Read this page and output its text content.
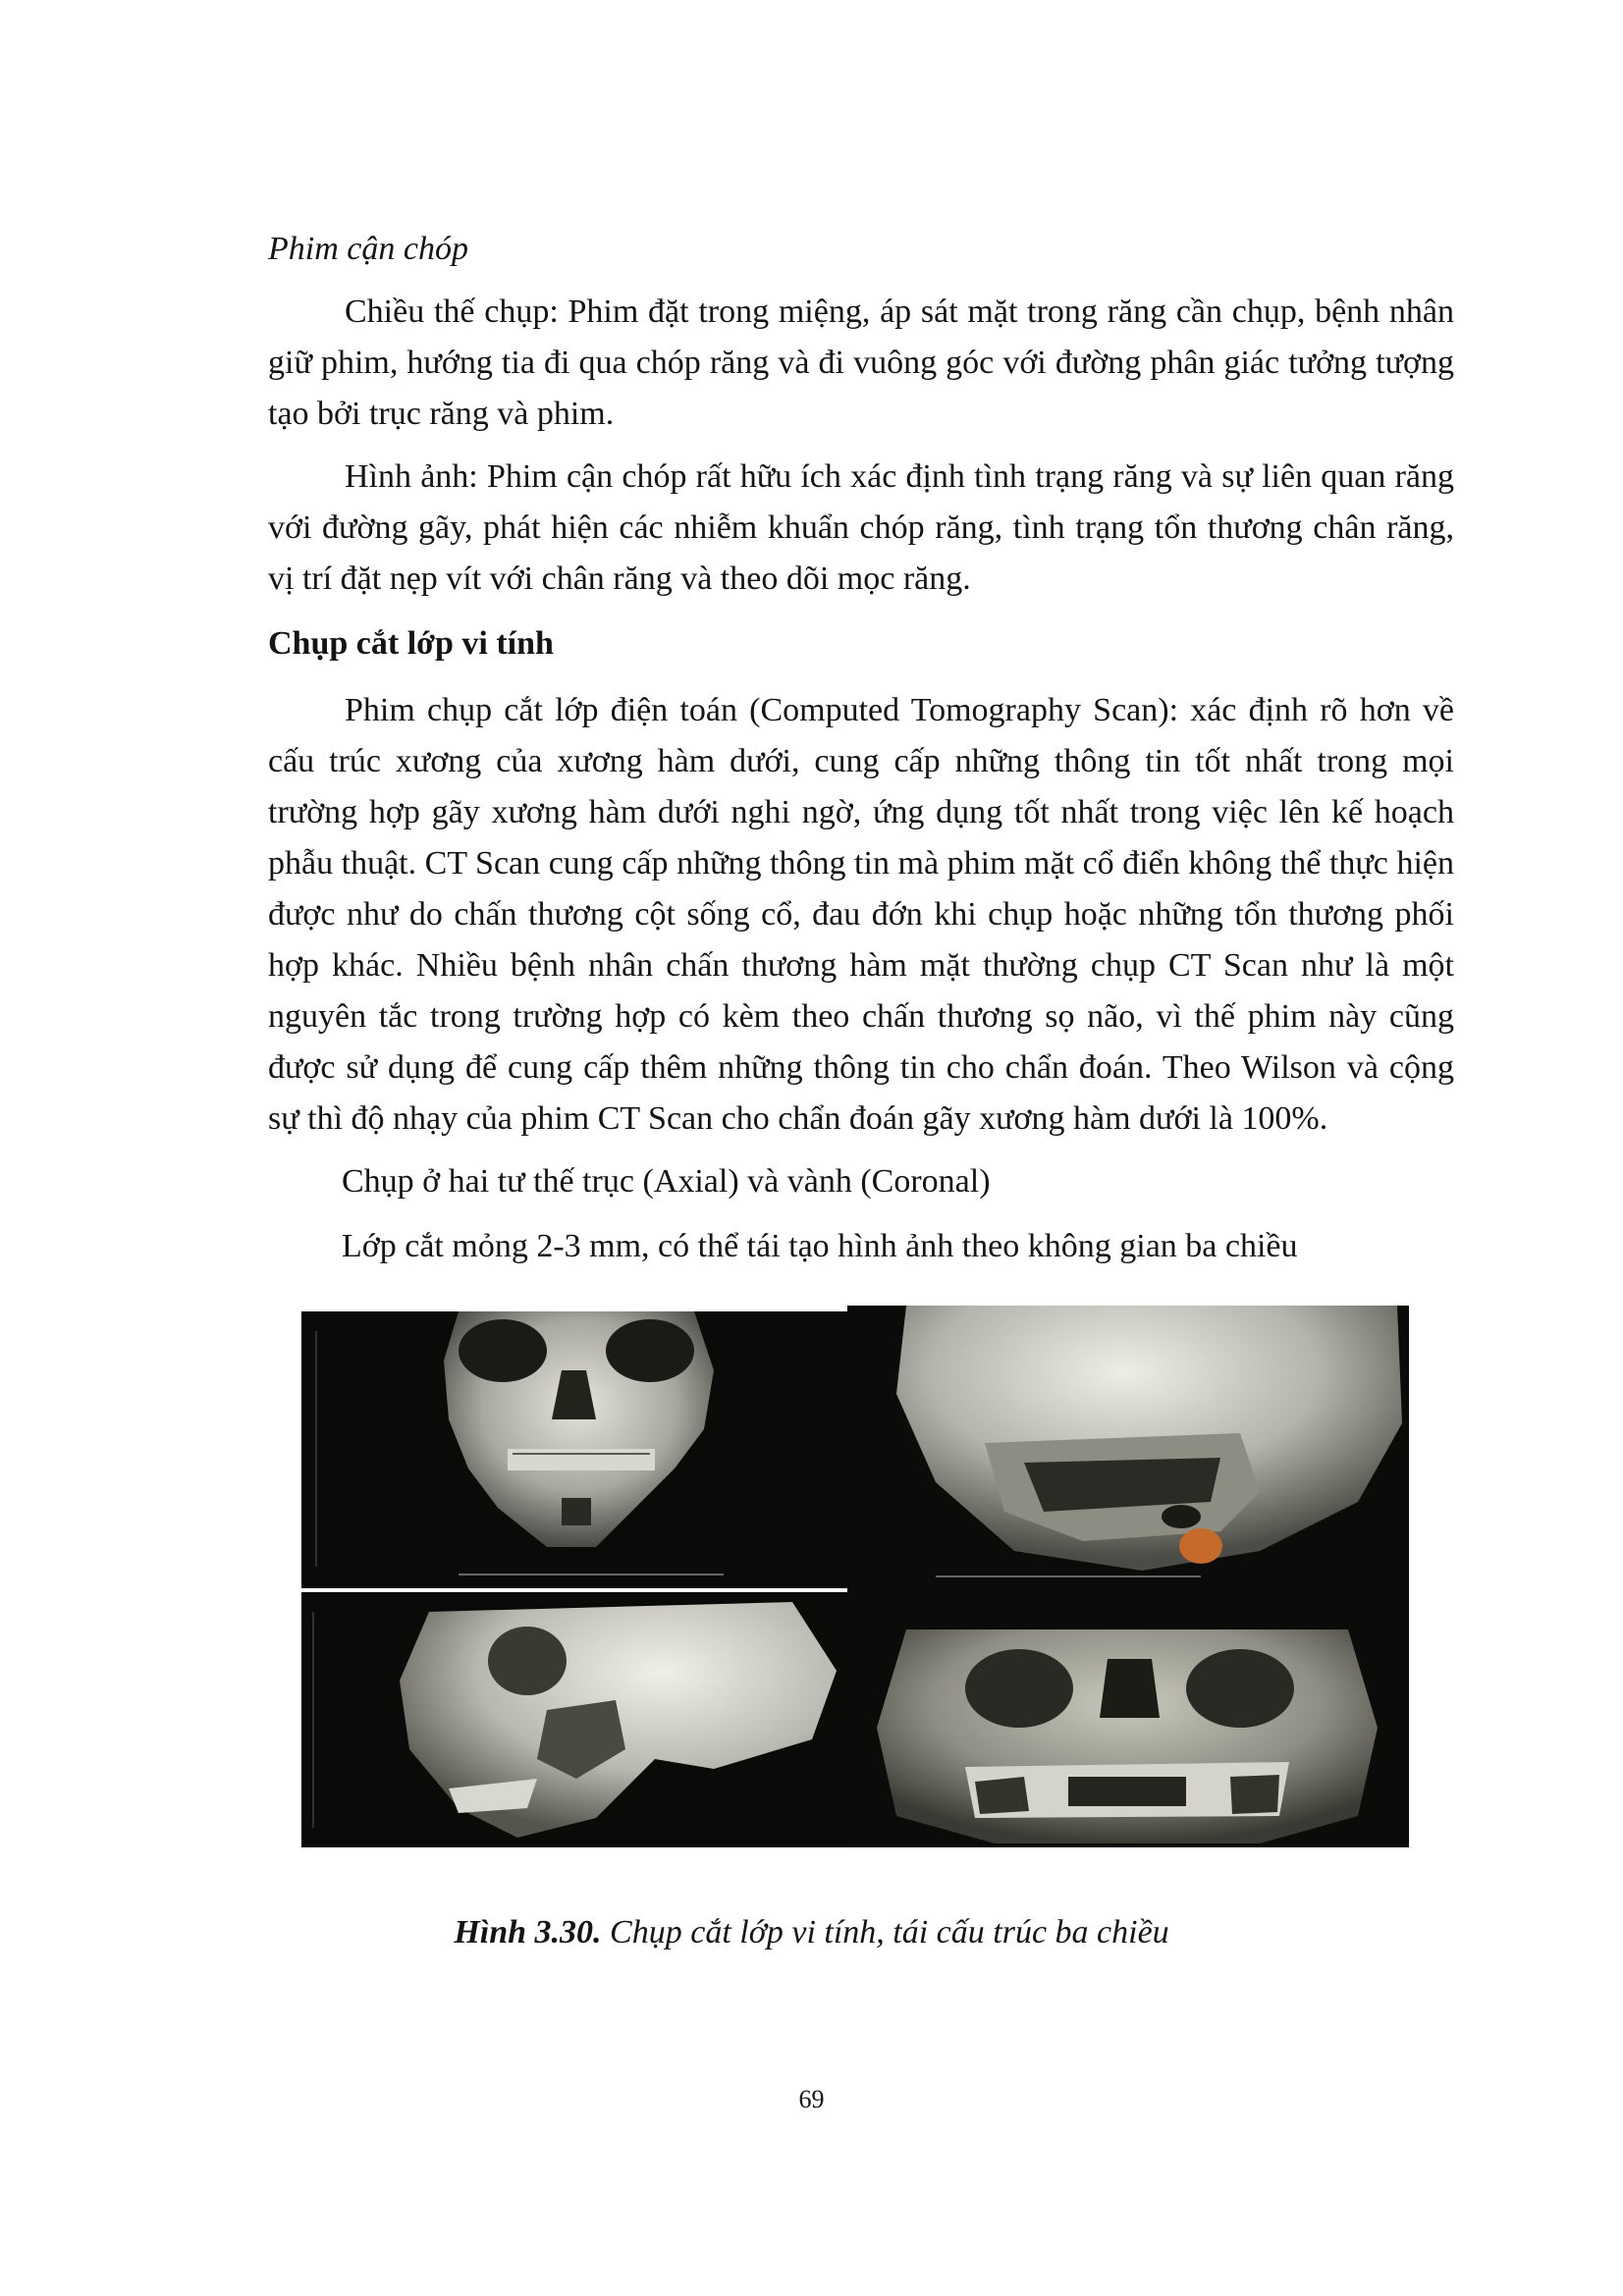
Phim cận chóp

Chiều thế chụp: Phim đặt trong miệng, áp sát mặt trong răng cần chụp, bệnh nhân giữ phim, hướng tia đi qua chóp răng và đi vuông góc với đường phân giác tưởng tượng tạo bởi trục răng và phim.

Hình ảnh: Phim cận chóp rất hữu ích xác định tình trạng răng và sự liên quan răng với đường gãy, phát hiện các nhiễm khuẩn chóp răng, tình trạng tổn thương chân răng, vị trí đặt nẹp vít với chân răng và theo dõi mọc răng.

Chụp cắt lớp vi tính

Phim chụp cắt lớp điện toán (Computed Tomography Scan): xác định rõ hơn về cấu trúc xương của xương hàm dưới, cung cấp những thông tin tốt nhất trong mọi trường hợp gãy xương hàm dưới nghi ngờ, ứng dụng tốt nhất trong việc lên kế hoạch phẫu thuật. CT Scan cung cấp những thông tin mà phim mặt cổ điển không thể thực hiện được như do chấn thương cột sống cổ, đau đớn khi chụp hoặc những tổn thương phối hợp khác. Nhiều bệnh nhân chấn thương hàm mặt thường chụp CT Scan như là một nguyên tắc trong trường hợp có kèm theo chấn thương sọ não, vì thế phim này cũng được sử dụng để cung cấp thêm những thông tin cho chẩn đoán. Theo Wilson và cộng sự thì độ nhạy của phim CT Scan cho chẩn đoán gãy xương hàm dưới là 100%.

Chụp ở hai tư thế trục (Axial) và vành (Coronal)
Lớp cắt mỏng 2-3 mm, có thể tái tạo hình ảnh theo không gian ba chiều
Hình 3.30. Chụp cắt lớp vi tính, tái cấu trúc ba chiều
69
